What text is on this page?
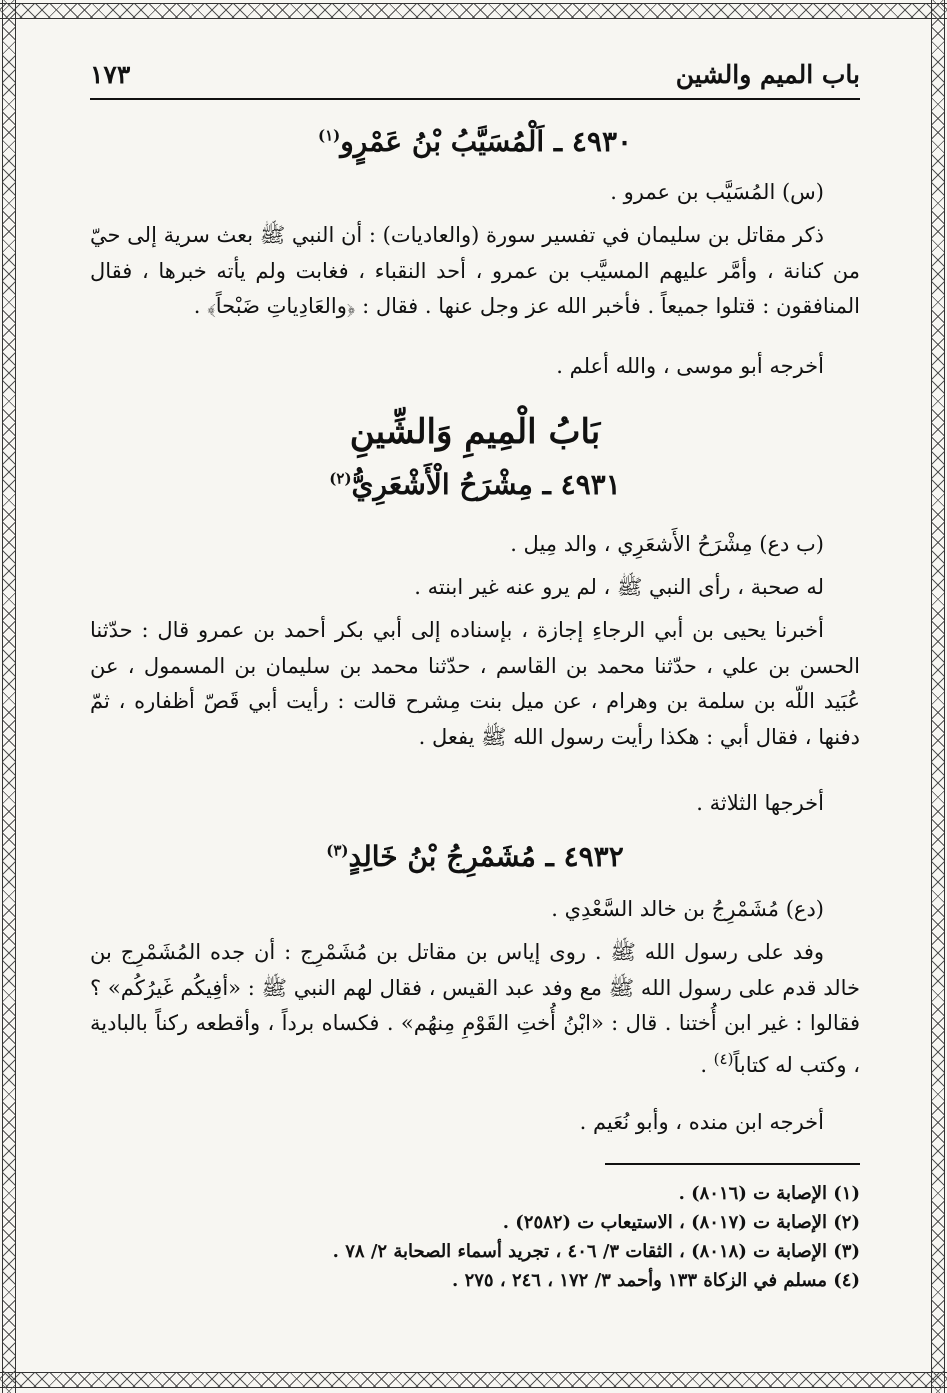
باب الميم والشين
١٧٣
٤٩٣٠ ـ اَلْمُسَيَّبُ بْنُ عَمْرٍو$^{(١)}$
(س) المُسَيَّب بن عمرو .
ذكر مقاتل بن سليمان في تفسير سورة (والعاديات) : أن النبي ﷺ بعث سرية إلى حيّ من كنانة ، وأمَّر عليهم المسيَّب بن عمرو ، أحد النقباء ، فغابت ولم يأته خبرها ، فقال المنافقون : قتلوا جميعاً . فأخبر الله عز وجل عنها . فقال : ﴿والعَادِياتِ ضَبْحاً﴾ .
أخرجه أبو موسى ، والله أعلم .
بَابُ الْمِيمِ وَالشِّينِ
٤٩٣١ ـ مِشْرَحُ الْأَشْعَرِيُّ$^{(٢)}$
(ب دع) مِشْرَحُ الأَشعَرِي ، والد مِيل .
له صحبة ، رأى النبي ﷺ ، لم يرو عنه غير ابنته .
أخبرنا يحيى بن أبي الرجاءِ إجازة ، بإسناده إلى أبي بكر أحمد بن عمرو قال : حدّثنا الحسن بن علي ، حدّثنا محمد بن القاسم ، حدّثنا محمد بن سليمان بن المسمول ، عن عُبَيد اللّه بن سلمة بن وهرام ، عن ميل بنت مِشرح قالت : رأيت أبي قَصّ أظفاره ، ثمّ دفنها ، فقال أبي : هكذا رأيت رسول الله ﷺ يفعل .
أخرجها الثلاثة .
٤٩٣٢ ـ مُشَمْرِجُ بْنُ خَالِدٍ$^{(٣)}$
(دع) مُشَمْرِجُ بن خالد السَّعْدِي .
وفد على رسول الله ﷺ . روى إياس بن مقاتل بن مُشَمْرِج : أن جده المُشَمْرِج بن خالد قدم على رسول الله ﷺ مع وفد عبد القيس ، فقال لهم النبي ﷺ : «أفِيكُم غَيرُكُم» ؟ فقالوا : غير ابن أُختنا . قال : «ابْنُ أُختِ القَوْمِ مِنهُم» . فكساه برداً ، وأقطعه ركناً بالبادية ، وكتب له كتاباً$^{(٤)}$ .
أخرجه ابن منده ، وأبو نُعَيم .
(١) الإصابة ت (٨٠١٦) .
(٢) الإصابة ت (٨٠١٧) ، الاستيعاب ت (٢٥٨٢) .
(٣) الإصابة ت (٨٠١٨) ، الثقات ٣/ ٤٠٦ ، تجريد أسماء الصحابة ٢/ ٧٨ .
(٤) مسلم في الزكاة ١٣٣ وأحمد ٣/ ١٧٢ ، ٢٤٦ ، ٢٧٥ .
